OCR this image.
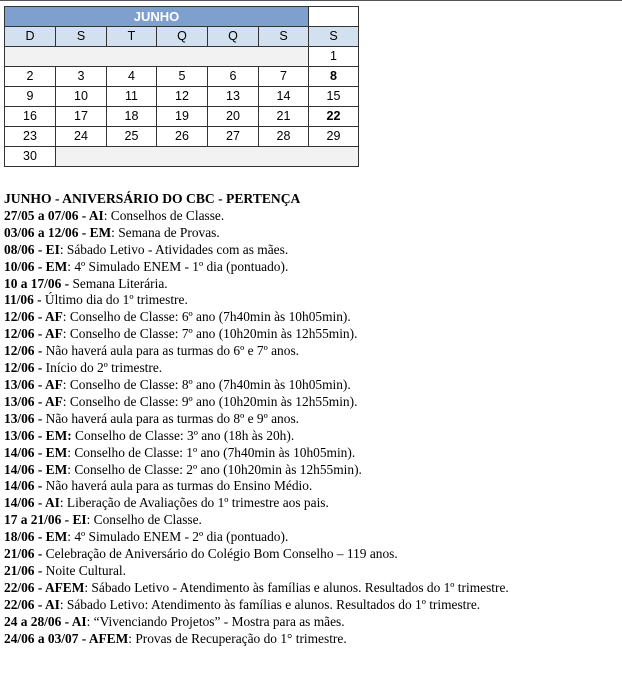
JUNHO						
D	S	T	Q	Q	S	S
						1
2	3	4	5	6	7	8
9	10	11	12	13	14	15
16	17	18	19	20	21	22
23	24	25	26	27	28	29
30						
JUNHO - ANIVERSÁRIO DO CBC - PERTENÇA
27/05 a 07/06 - AI: Conselhos de Classe.
03/06 a 12/06 - EM: Semana de Provas.
08/06 - EI: Sábado Letivo - Atividades com as mães.
10/06 - EM: 4º Simulado ENEM - 1º dia (pontuado).
10 a 17/06 - Semana Literária.
11/06 - Último dia do 1º trimestre.
12/06 - AF: Conselho de Classe: 6º ano (7h40min às 10h05min).
12/06 - AF: Conselho de Classe: 7º ano (10h20min às 12h55min).
12/06 - Não haverá aula para as turmas do 6º e 7º anos.
12/06 - Início do 2º trimestre.
13/06 - AF: Conselho de Classe: 8º ano (7h40min às 10h05min).
13/06 - AF: Conselho de Classe: 9º ano (10h20min às 12h55min).
13/06 - Não haverá aula para as turmas do 8º e 9º anos.
13/06 - EM: Conselho de Classe: 3º ano (18h às 20h).
14/06 - EM: Conselho de Classe: 1º ano (7h40min às 10h05min).
14/06 - EM: Conselho de Classe: 2º ano (10h20min às 12h55min).
14/06 - Não haverá aula para as turmas do Ensino Médio.
14/06 - AI: Liberação de Avaliações do 1º trimestre aos pais.
17 a 21/06 - EI: Conselho de Classe.
18/06 - EM: 4º Simulado ENEM - 2º dia (pontuado).
21/06 - Celebração de Aniversário do Colégio Bom Conselho – 119 anos.
21/06 - Noite Cultural.
22/06 - AFEM: Sábado Letivo - Atendimento às famílias e alunos. Resultados do 1º trimestre.
22/06 - AI: Sábado Letivo: Atendimento às famílias e alunos. Resultados do 1º trimestre.
24 a 28/06 - AI: “Vivenciando Projetos” - Mostra para as mães.
24/06 a 03/07 - AFEM: Provas de Recuperação do 1° trimestre.
